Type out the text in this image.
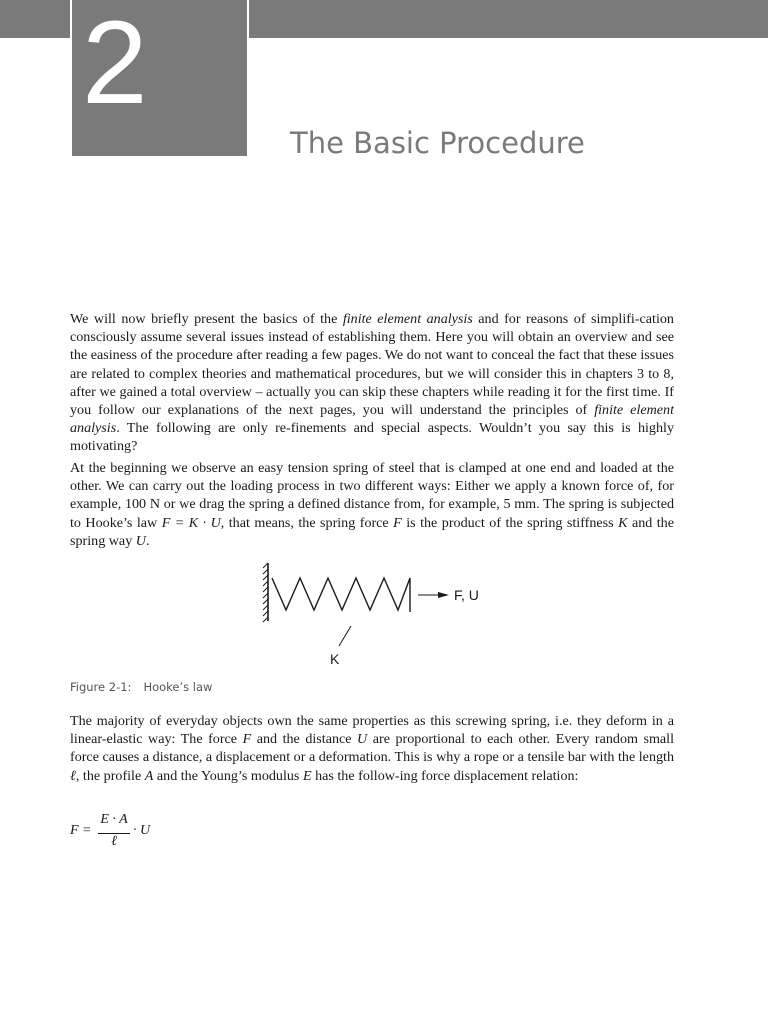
2
The Basic Procedure

We will now briefly present the basics of the finite element analysis and for reasons of simplifi-cation consciously assume several issues instead of establishing them. Here you will obtain an overview and see the easiness of the procedure after reading a few pages. We do not want to conceal the fact that these issues are related to complex theories and mathematical procedures, but we will consider this in chapters 3 to 8, after we gained a total overview – actually you can skip these chapters while reading it for the first time. If you follow our explanations of the next pages, you will understand the principles of finite element analysis. The following are only re-finements and special aspects. Wouldn’t you say this is highly motivating?

At the beginning we observe an easy tension spring of steel that is clamped at one end and loaded at the other. We can carry out the loading process in two different ways: Either we apply a known force of, for example, 100 N or we drag the spring a defined distance from, for example, 5 mm. The spring is subjected to Hooke’s law F = K · U, that means, the spring force F is the product of the spring stiffness K and the spring way U.

F, U
K
Figure 2-1: Hooke’s law

The majority of everyday objects own the same properties as this screwing spring, i.e. they deform in a linear-elastic way: The force F and the distance U are proportional to each other. Every random small force causes a distance, a displacement or a deformation. This is why a rope or a tensile bar with the length ℓ, the profile A and the Young’s modulus E has the follow-ing force displacement relation:

F =
E · A
ℓ
· U
